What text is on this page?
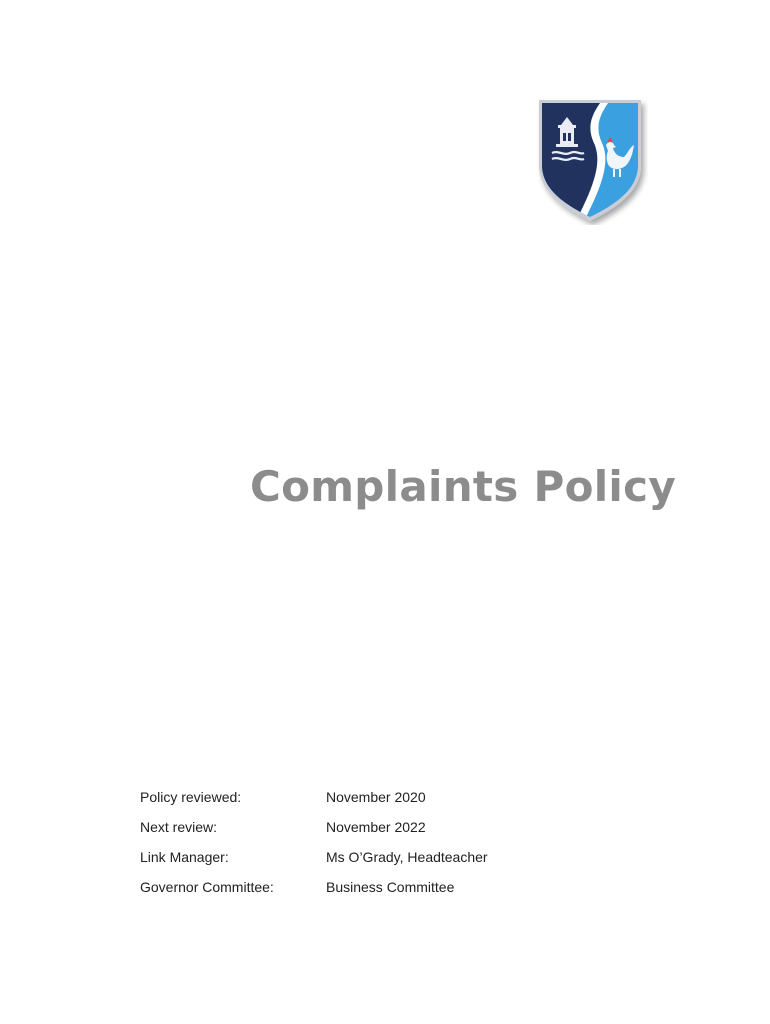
Complaints Policy
Policy reviewed:	November 2020
Next review:	November 2022
Link Manager:	Ms O’Grady, Headteacher
Governor Committee:	Business Committee
